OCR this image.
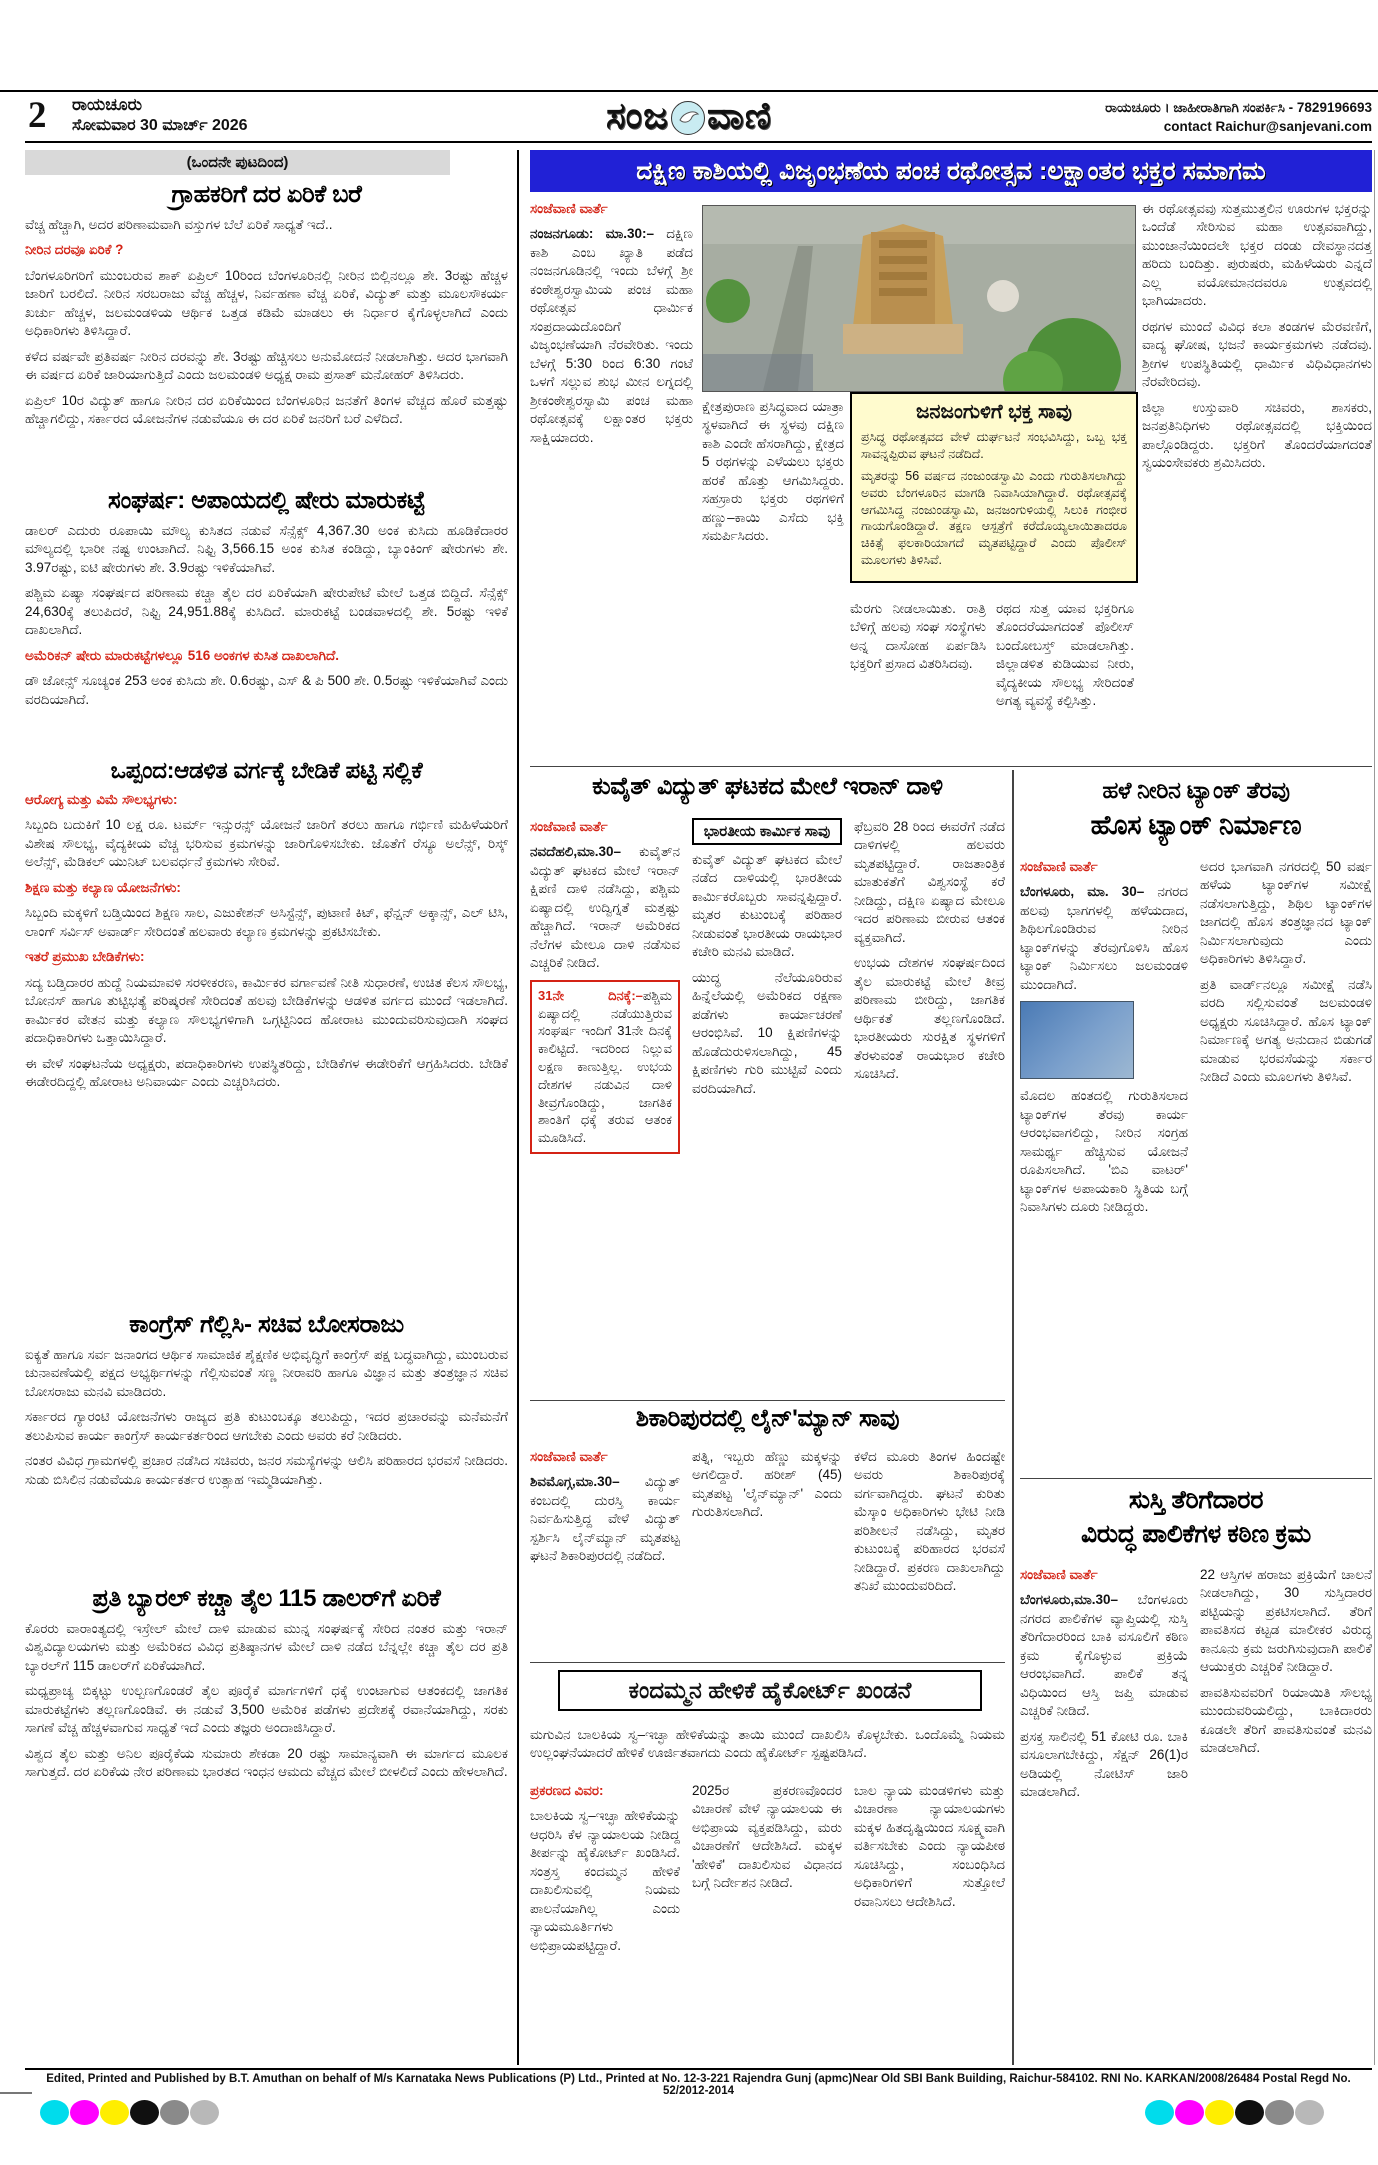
2 ರಾಯಚೂರು
ಸೋಮವಾರ 30 ಮಾರ್ಚ್ 2026	ಸಂಜ ವಾಣಿ	ರಾಯಚೂರು । ಜಾಹೀರಾತಿಗಾಗಿ ಸಂಪರ್ಕಿಸಿ - 7829196693
contact Raichur@sanjevani.com
(ಒಂದನೇ ಪುಟದಿಂದ)
ಗ್ರಾಹಕರಿಗೆ ದರ ಏರಿಕೆ ಬರೆ

ವೆಚ್ಚ ಹೆಚ್ಚಾಗಿ, ಅದರ ಪರಿಣಾಮವಾಗಿ ವಸ್ತುಗಳ ಬೆಲೆ ಏರಿಕೆ ಸಾಧ್ಯತೆ ಇದೆ..

ನೀರಿನ ದರವೂ ಏರಿಕೆ ?

ಬೆಂಗಳೂರಿಗರಿಗೆ ಮುಂಬರುವ ಶಾಕ್ ಏಪ್ರಿಲ್ 10ರಿಂದ ಬೆಂಗಳೂರಿನಲ್ಲಿ ನೀರಿನ ಬಿಲ್ಲಿನಲ್ಲೂ ಶೇ. 3ರಷ್ಟು ಹೆಚ್ಚಳ ಜಾರಿಗೆ ಬರಲಿದೆ. ನೀರಿನ ಸರಬರಾಜು ವೆಚ್ಚ ಹೆಚ್ಚಳ, ನಿರ್ವಹಣಾ ವೆಚ್ಚ ಏರಿಕೆ, ವಿದ್ಯುತ್ ಮತ್ತು ಮೂಲಸೌಕರ್ಯ ಖರ್ಚು ಹೆಚ್ಚಳ, ಜಲಮಂಡಳಿಯ ಆರ್ಥಿಕ ಒತ್ತಡ ಕಡಿಮೆ ಮಾಡಲು ಈ ನಿರ್ಧಾರ ಕೈಗೊಳ್ಳಲಾಗಿದೆ ಎಂದು ಅಧಿಕಾರಿಗಳು ತಿಳಿಸಿದ್ದಾರೆ.

ಕಳೆದ ವರ್ಷವೇ ಪ್ರತಿವರ್ಷ ನೀರಿನ ದರವನ್ನು ಶೇ. 3ರಷ್ಟು ಹೆಚ್ಚಿಸಲು ಅನುಮೋದನೆ ನೀಡಲಾಗಿತ್ತು. ಅದರ ಭಾಗವಾಗಿ ಈ ವರ್ಷದ ಏರಿಕೆ ಜಾರಿಯಾಗುತ್ತಿದೆ ಎಂದು ಜಲಮಂಡಳಿ ಅಧ್ಯಕ್ಷ ರಾಮ ಪ್ರಸಾತ್ ಮನೋಹರ್ ತಿಳಿಸಿದರು.

ಏಪ್ರಿಲ್ 10ರ ವಿದ್ಯುತ್ ಹಾಗೂ ನೀರಿನ ದರ ಏರಿಕೆಯಿಂದ ಬೆಂಗಳೂರಿನ ಜನತೆಗೆ ತಿಂಗಳ ವೆಚ್ಚದ ಹೊರೆ ಮತ್ತಷ್ಟು ಹೆಚ್ಚಾಗಲಿದ್ದು, ಸರ್ಕಾರದ ಯೋಜನೆಗಳ ನಡುವೆಯೂ ಈ ದರ ಏರಿಕೆ ಜನರಿಗೆ ಬರೆ ಎಳೆದಿದೆ.

ಸಂಘರ್ಷ: ಅಪಾಯದಲ್ಲಿ ಷೇರು ಮಾರುಕಟ್ಟೆ

ಡಾಲರ್ ಎದುರು ರೂಪಾಯಿ ಮೌಲ್ಯ ಕುಸಿತದ ನಡುವೆ ಸೆನ್ಸೆಕ್ಸ್ 4,367.30 ಅಂಕ ಕುಸಿದು ಹೂಡಿಕೆದಾರರ ಮೌಲ್ಯದಲ್ಲಿ ಭಾರೀ ನಷ್ಟ ಉಂಟಾಗಿದೆ. ನಿಫ್ಟಿ 3,566.15 ಅಂಕ ಕುಸಿತ ಕಂಡಿದ್ದು, ಬ್ಯಾಂಕಿಂಗ್ ಷೇರುಗಳು ಶೇ. 3.97ರಷ್ಟು, ಐಟಿ ಷೇರುಗಳು ಶೇ. 3.9ರಷ್ಟು ಇಳಿಕೆಯಾಗಿವೆ.

ಪಶ್ಚಿಮ ಏಷ್ಯಾ ಸಂಘರ್ಷದ ಪರಿಣಾಮ ಕಚ್ಚಾ ತೈಲ ದರ ಏರಿಕೆಯಾಗಿ ಷೇರುಪೇಟೆ ಮೇಲೆ ಒತ್ತಡ ಬಿದ್ದಿದೆ. ಸೆನ್ಸೆಕ್ಸ್ 24,630ಕ್ಕೆ ತಲುಪಿದರೆ, ನಿಫ್ಟಿ 24,951.88ಕ್ಕೆ ಕುಸಿದಿದೆ. ಮಾರುಕಟ್ಟೆ ಬಂಡವಾಳದಲ್ಲಿ ಶೇ. 5ರಷ್ಟು ಇಳಿಕೆ ದಾಖಲಾಗಿದೆ.

ಅಮೆರಿಕನ್ ಷೇರು ಮಾರುಕಟ್ಟೆಗಳಲ್ಲೂ 516 ಅಂಕಗಳ ಕುಸಿತ ದಾಖಲಾಗಿದೆ.

ಡೌ ಜೋನ್ಸ್ ಸೂಚ್ಯಂಕ 253 ಅಂಕ ಕುಸಿದು ಶೇ. 0.6ರಷ್ಟು, ಎಸ್ & ಪಿ 500 ಶೇ. 0.5ರಷ್ಟು ಇಳಿಕೆಯಾಗಿವೆ ಎಂದು ವರದಿಯಾಗಿದೆ.

ಒಪ್ಪಂದ:ಆಡಳಿತ ವರ್ಗಕ್ಕೆ ಬೇಡಿಕೆ ಪಟ್ಟಿ ಸಲ್ಲಿಕೆ

ಆರೋಗ್ಯ ಮತ್ತು ವಿಮೆ ಸೌಲಭ್ಯಗಳು:

ಸಿಬ್ಬಂದಿ ಬದುಕಿಗೆ 10 ಲಕ್ಷ ರೂ. ಟರ್ಮ್ ಇನ್ಸುರನ್ಸ್ ಯೋಜನೆ ಜಾರಿಗೆ ತರಲು ಹಾಗೂ ಗರ್ಭಿಣಿ ಮಹಿಳೆಯರಿಗೆ ವಿಶೇಷ ಸೌಲಭ್ಯ, ವೈದ್ಯಕೀಯ ವೆಚ್ಚ ಭರಿಸುವ ಕ್ರಮಗಳನ್ನು ಜಾರಿಗೊಳಿಸಬೇಕು. ಜೊತೆಗೆ ರೆಸ್ಯೂ ಅಲೆನ್ಸ್, ರಿಸ್ಕ್ ಅಲೆನ್ಸ್, ಮೆಡಿಕಲ್ ಯುನಿಟ್ ಬಲವರ್ಧನೆ ಕ್ರಮಗಳು ಸೇರಿವೆ.

ಶಿಕ್ಷಣ ಮತ್ತು ಕಲ್ಯಾಣ ಯೋಜನೆಗಳು:

ಸಿಬ್ಬಂದಿ ಮಕ್ಕಳಿಗೆ ಬಡ್ತಿಯಿಂದ ಶಿಕ್ಷಣ ಸಾಲ, ಎಜುಕೇಶನ್ ಅಸಿಸ್ಟೆನ್ಸ್, ಪುಟಾಣಿ ಕಿಟ್, ಫೆನ್ಷನ್ ಅಕ್ಕಾನ್ಸ್, ಎಲ್ ಟಿಸಿ, ಲಾಂಗ್ ಸರ್ವಿಸ್ ಅವಾರ್ಡ್ ಸೇರಿದಂತೆ ಹಲವಾರು ಕಲ್ಯಾಣ ಕ್ರಮಗಳನ್ನು ಪ್ರಕಟಿಸಬೇಕು.

ಇತರೆ ಪ್ರಮುಖ ಬೇಡಿಕೆಗಳು:

ಸದ್ಯ ಬಡ್ತಿದಾರರ ಹುದ್ದೆ ನಿಯಮಾವಳಿ ಸರಳೀಕರಣ, ಕಾರ್ಮಿಕರ ವರ್ಗಾವಣೆ ನೀತಿ ಸುಧಾರಣೆ, ಉಚಿತ ಕೆಲಸ ಸೌಲಭ್ಯ, ಬೋನಸ್ ಹಾಗೂ ತುಟ್ಟಿಭತ್ಯೆ ಪರಿಷ್ಕರಣೆ ಸೇರಿದಂತೆ ಹಲವು ಬೇಡಿಕೆಗಳನ್ನು ಆಡಳಿತ ವರ್ಗದ ಮುಂದೆ ಇಡಲಾಗಿದೆ. ಕಾರ್ಮಿಕರ ವೇತನ ಮತ್ತು ಕಲ್ಯಾಣ ಸೌಲಭ್ಯಗಳಿಗಾಗಿ ಒಗ್ಗಟ್ಟಿನಿಂದ ಹೋರಾಟ ಮುಂದುವರಿಸುವುದಾಗಿ ಸಂಘದ ಪದಾಧಿಕಾರಿಗಳು ಒತ್ತಾಯಿಸಿದ್ದಾರೆ.

ಈ ವೇಳೆ ಸಂಘಟನೆಯ ಅಧ್ಯಕ್ಷರು, ಪದಾಧಿಕಾರಿಗಳು ಉಪಸ್ಥಿತರಿದ್ದು, ಬೇಡಿಕೆಗಳ ಈಡೇರಿಕೆಗೆ ಆಗ್ರಹಿಸಿದರು. ಬೇಡಿಕೆ ಈಡೇರದಿದ್ದಲ್ಲಿ ಹೋರಾಟ ಅನಿವಾರ್ಯ ಎಂದು ಎಚ್ಚರಿಸಿದರು.

ಕಾಂಗ್ರೆಸ್ ಗೆಲ್ಲಿಸಿ- ಸಚಿವ ಬೋಸರಾಜು

ಐಕ್ಯತೆ ಹಾಗೂ ಸರ್ವ ಜನಾಂಗದ ಆರ್ಥಿಕ ಸಾಮಾಜಿಕ ಶೈಕ್ಷಣಿಕ ಅಭಿವೃದ್ಧಿಗೆ ಕಾಂಗ್ರೆಸ್ ಪಕ್ಷ ಬದ್ಧವಾಗಿದ್ದು, ಮುಂಬರುವ ಚುನಾವಣೆಯಲ್ಲಿ ಪಕ್ಷದ ಅಭ್ಯರ್ಥಿಗಳನ್ನು ಗೆಲ್ಲಿಸುವಂತೆ ಸಣ್ಣ ನೀರಾವರಿ ಹಾಗೂ ವಿಜ್ಞಾನ ಮತ್ತು ತಂತ್ರಜ್ಞಾನ ಸಚಿವ ಬೋಸರಾಜು ಮನವಿ ಮಾಡಿದರು.

ಸರ್ಕಾರದ ಗ್ಯಾರಂಟಿ ಯೋಜನೆಗಳು ರಾಜ್ಯದ ಪ್ರತಿ ಕುಟುಂಬಕ್ಕೂ ತಲುಪಿದ್ದು, ಇದರ ಪ್ರಚಾರವನ್ನು ಮನೆಮನೆಗೆ ತಲುಪಿಸುವ ಕಾರ್ಯ ಕಾಂಗ್ರೆಸ್ ಕಾರ್ಯಕರ್ತರಿಂದ ಆಗಬೇಕು ಎಂದು ಅವರು ಕರೆ ನೀಡಿದರು.

ನಂತರ ವಿವಿಧ ಗ್ರಾಮಗಳಲ್ಲಿ ಪ್ರಚಾರ ನಡೆಸಿದ ಸಚಿವರು, ಜನರ ಸಮಸ್ಯೆಗಳನ್ನು ಆಲಿಸಿ ಪರಿಹಾರದ ಭರವಸೆ ನೀಡಿದರು. ಸುಡು ಬಿಸಿಲಿನ ನಡುವೆಯೂ ಕಾರ್ಯಕರ್ತರ ಉತ್ಸಾಹ ಇಮ್ಮಡಿಯಾಗಿತ್ತು.

ಪ್ರತಿ ಬ್ಯಾರಲ್ ಕಚ್ಚಾ ತೈಲ 115 ಡಾಲರ್‌ಗೆ ಏರಿಕೆ

ಕೊರರು ವಾರಾಂತ್ಯದಲ್ಲಿ ಇಸ್ರೇಲ್ ಮೇಲೆ ದಾಳಿ ಮಾಡುವ ಮುನ್ನ ಸಂಘರ್ಷಕ್ಕೆ ಸೇರಿದ ನಂತರ ಮತ್ತು ಇರಾನ್ ವಿಶ್ವವಿದ್ಯಾಲಯಗಳು ಮತ್ತು ಅಮೆರಿಕದ ವಿವಿಧ ಪ್ರತಿಷ್ಠಾನಗಳ ಮೇಲೆ ದಾಳಿ ನಡೆದ ಬೆನ್ನಲ್ಲೇ ಕಚ್ಚಾ ತೈಲ ದರ ಪ್ರತಿ ಬ್ಯಾರಲ್‌ಗೆ 115 ಡಾಲರ್‌ಗೆ ಏರಿಕೆಯಾಗಿದೆ.

ಮಧ್ಯಪ್ರಾಚ್ಯ ಬಿಕ್ಕಟ್ಟು ಉಲ್ಬಣಗೊಂಡರೆ ತೈಲ ಪೂರೈಕೆ ಮಾರ್ಗಗಳಿಗೆ ಧಕ್ಕೆ ಉಂಟಾಗುವ ಆತಂಕದಲ್ಲಿ ಜಾಗತಿಕ ಮಾರುಕಟ್ಟೆಗಳು ತಲ್ಲಣಗೊಂಡಿವೆ. ಈ ನಡುವೆ 3,500 ಅಮೆರಿಕ ಪಡೆಗಳು ಪ್ರದೇಶಕ್ಕೆ ರವಾನೆಯಾಗಿದ್ದು, ಸರಕು ಸಾಗಣೆ ವೆಚ್ಚ ಹೆಚ್ಚಳವಾಗುವ ಸಾಧ್ಯತೆ ಇದೆ ಎಂದು ತಜ್ಞರು ಅಂದಾಜಿಸಿದ್ದಾರೆ.

ವಿಶ್ವದ ತೈಲ ಮತ್ತು ಅನಿಲ ಪೂರೈಕೆಯ ಸುಮಾರು ಶೇಕಡಾ 20 ರಷ್ಟು ಸಾಮಾನ್ಯವಾಗಿ ಈ ಮಾರ್ಗದ ಮೂಲಕ ಸಾಗುತ್ತದೆ. ದರ ಏರಿಕೆಯ ನೇರ ಪರಿಣಾಮ ಭಾರತದ ಇಂಧನ ಆಮದು ವೆಚ್ಚದ ಮೇಲೆ ಬೀಳಲಿದೆ ಎಂದು ಹೇಳಲಾಗಿದೆ.

ದಕ್ಷಿಣ ಕಾಶಿಯಲ್ಲಿ ವಿಜೃಂಭಣೆಯ ಪಂಚ ರಥೋತ್ಸವ :ಲಕ್ಷಾಂತರ ಭಕ್ತರ ಸಮಾಗಮ

ಸಂಜೆವಾಣಿ ವಾರ್ತೆ

ನಂಜನಗೂಡು: ಮಾ.30:– ದಕ್ಷಿಣ ಕಾಶಿ ಎಂಬ ಖ್ಯಾತಿ ಪಡೆದ ನಂಜನಗೂಡಿನಲ್ಲಿ ಇಂದು ಬೆಳಗ್ಗೆ ಶ್ರೀ ಕಂಠೇಶ್ವರಸ್ವಾಮಿಯ ಪಂಚ ಮಹಾ ರಥೋತ್ಸವ ಧಾರ್ಮಿಕ ಸಂಪ್ರದಾಯದೊಂದಿಗೆ ವಿಜೃಂಭಣೆಯಾಗಿ ನೆರವೇರಿತು. ಇಂದು ಬೆಳಗ್ಗೆ 5:30 ರಿಂದ 6:30 ಗಂಟೆ ಒಳಗೆ ಸಲ್ಲುವ ಶುಭ ಮೀನ ಲಗ್ನದಲ್ಲಿ ಶ್ರೀಕಂಠೇಶ್ವರಸ್ವಾಮಿ ಪಂಚ ಮಹಾ ರಥೋತ್ಸವಕ್ಕೆ ಲಕ್ಷಾಂತರ ಭಕ್ತರು ಸಾಕ್ಷಿಯಾದರು.

ಕ್ಷೇತ್ರಪುರಾಣ ಪ್ರಸಿದ್ಧವಾದ ಯಾತ್ರಾ ಸ್ಥಳವಾಗಿದೆ ಈ ಸ್ಥಳವು ದಕ್ಷಿಣ ಕಾಶಿ ಎಂದೇ ಹೆಸರಾಗಿದ್ದು, ಕ್ಷೇತ್ರದ 5 ರಥಗಳನ್ನು ಎಳೆಯಲು ಭಕ್ತರು ಹರಕೆ ಹೊತ್ತು ಆಗಮಿಸಿದ್ದರು. ಸಹಸ್ರಾರು ಭಕ್ತರು ರಥಗಳಿಗೆ ಹಣ್ಣು–ಕಾಯಿ ಎಸೆದು ಭಕ್ತಿ ಸಮರ್ಪಿಸಿದರು.

ಜನಜಂಗುಳಿಗೆ ಭಕ್ತ ಸಾವು

ಪ್ರಸಿದ್ಧ ರಥೋತ್ಸವದ ವೇಳೆ ದುರ್ಘಟನೆ ಸಂಭವಿಸಿದ್ದು, ಒಬ್ಬ ಭಕ್ತ ಸಾವನ್ನಪ್ಪಿರುವ ಘಟನೆ ನಡೆದಿದೆ.

ಮೃತರನ್ನು 56 ವರ್ಷದ ನಂಜುಂಡಸ್ವಾಮಿ ಎಂದು ಗುರುತಿಸಲಾಗಿದ್ದು ಅವರು ಬೆಂಗಳೂರಿನ ಮಾಗಡಿ ನಿವಾಸಿಯಾಗಿದ್ದಾರೆ. ರಥೋತ್ಸವಕ್ಕೆ ಆಗಮಿಸಿದ್ದ ನಂಜುಂಡಸ್ವಾಮಿ, ಜನಜಂಗುಳಿಯಲ್ಲಿ ಸಿಲುಕಿ ಗಂಭೀರ ಗಾಯಗೊಂಡಿದ್ದಾರೆ. ತಕ್ಷಣ ಆಸ್ಪತ್ರೆಗೆ ಕರೆದೊಯ್ಯಲಾಯಿತಾದರೂ ಚಿಕಿತ್ಸೆ ಫಲಕಾರಿಯಾಗದೆ ಮೃತಪಟ್ಟಿದ್ದಾರೆ ಎಂದು ಪೊಲೀಸ್ ಮೂಲಗಳು ತಿಳಿಸಿವೆ.

ಮೆರಗು ನೀಡಲಾಯಿತು. ರಾತ್ರಿ ಬೆಳಿಗ್ಗೆ ಹಲವು ಸಂಘ ಸಂಸ್ಥೆಗಳು ಅನ್ನ ದಾಸೋಹ ಏರ್ಪಡಿಸಿ ಭಕ್ತರಿಗೆ ಪ್ರಸಾದ ವಿತರಿಸಿದವು.

ರಥದ ಸುತ್ತ ಯಾವ ಭಕ್ತರಿಗೂ ತೊಂದರೆಯಾಗದಂತೆ ಪೊಲೀಸ್ ಬಂದೋಬಸ್ತ್ ಮಾಡಲಾಗಿತ್ತು. ಜಿಲ್ಲಾಡಳಿತ ಕುಡಿಯುವ ನೀರು, ವೈದ್ಯಕೀಯ ಸೌಲಭ್ಯ ಸೇರಿದಂತೆ ಅಗತ್ಯ ವ್ಯವಸ್ಥೆ ಕಲ್ಪಿಸಿತ್ತು.

ಈ ರಥೋತ್ಸವವು ಸುತ್ತಮುತ್ತಲಿನ ಊರುಗಳ ಭಕ್ತರನ್ನು ಒಂದೆಡೆ ಸೇರಿಸುವ ಮಹಾ ಉತ್ಸವವಾಗಿದ್ದು, ಮುಂಜಾನೆಯಿಂದಲೇ ಭಕ್ತರ ದಂಡು ದೇವಸ್ಥಾನದತ್ತ ಹರಿದು ಬಂದಿತ್ತು. ಪುರುಷರು, ಮಹಿಳೆಯರು ಎನ್ನದೆ ಎಲ್ಲ ವಯೋಮಾನದವರೂ ಉತ್ಸವದಲ್ಲಿ ಭಾಗಿಯಾದರು.

ರಥಗಳ ಮುಂದೆ ವಿವಿಧ ಕಲಾ ತಂಡಗಳ ಮೆರವಣಿಗೆ, ವಾದ್ಯ ಘೋಷ, ಭಜನೆ ಕಾರ್ಯಕ್ರಮಗಳು ನಡೆದವು. ಶ್ರೀಗಳ ಉಪಸ್ಥಿತಿಯಲ್ಲಿ ಧಾರ್ಮಿಕ ವಿಧಿವಿಧಾನಗಳು ನೆರವೇರಿದವು.

ಜಿಲ್ಲಾ ಉಸ್ತುವಾರಿ ಸಚಿವರು, ಶಾಸಕರು, ಜನಪ್ರತಿನಿಧಿಗಳು ರಥೋತ್ಸವದಲ್ಲಿ ಭಕ್ತಿಯಿಂದ ಪಾಲ್ಗೊಂಡಿದ್ದರು. ಭಕ್ತರಿಗೆ ತೊಂದರೆಯಾಗದಂತೆ ಸ್ವಯಂಸೇವಕರು ಶ್ರಮಿಸಿದರು.

ಕುವೈತ್ ವಿದ್ಯುತ್ ಘಟಕದ ಮೇಲೆ ಇರಾನ್ ದಾಳಿ

ಸಂಜೆವಾಣಿ ವಾರ್ತೆ

ನವದೆಹಲಿ,ಮಾ.30– ಕುವೈತ್‌ನ ವಿದ್ಯುತ್ ಘಟಕದ ಮೇಲೆ ಇರಾನ್ ಕ್ಷಿಪಣಿ ದಾಳಿ ನಡೆಸಿದ್ದು, ಪಶ್ಚಿಮ ಏಷ್ಯಾದಲ್ಲಿ ಉದ್ವಿಗ್ನತೆ ಮತ್ತಷ್ಟು ಹೆಚ್ಚಾಗಿದೆ. ಇರಾನ್ ಅಮೆರಿಕದ ನೆಲೆಗಳ ಮೇಲೂ ದಾಳಿ ನಡೆಸುವ ಎಚ್ಚರಿಕೆ ನೀಡಿದೆ.

31ನೇ ದಿನಕ್ಕೆ:–ಪಶ್ಚಿಮ ಏಷ್ಯಾದಲ್ಲಿ ನಡೆಯುತ್ತಿರುವ ಸಂಘರ್ಷ ಇಂದಿಗೆ 31ನೇ ದಿನಕ್ಕೆ ಕಾಲಿಟ್ಟಿದೆ. ಇದರಿಂದ ನಿಲ್ಲುವ ಲಕ್ಷಣ ಕಾಣುತ್ತಿಲ್ಲ. ಉಭಯ ದೇಶಗಳ ನಡುವಿನ ದಾಳಿ ತೀವ್ರಗೊಂಡಿದ್ದು, ಜಾಗತಿಕ ಶಾಂತಿಗೆ ಧಕ್ಕೆ ತರುವ ಆತಂಕ ಮೂಡಿಸಿದೆ.

ಭಾರತೀಯ ಕಾರ್ಮಿಕ ಸಾವು

ಕುವೈತ್ ವಿದ್ಯುತ್ ಘಟಕದ ಮೇಲೆ ನಡೆದ ದಾಳಿಯಲ್ಲಿ ಭಾರತೀಯ ಕಾರ್ಮಿಕರೊಬ್ಬರು ಸಾವನ್ನಪ್ಪಿದ್ದಾರೆ. ಮೃತರ ಕುಟುಂಬಕ್ಕೆ ಪರಿಹಾರ ನೀಡುವಂತೆ ಭಾರತೀಯ ರಾಯಭಾರ ಕಚೇರಿ ಮನವಿ ಮಾಡಿದೆ.

ಯುದ್ಧ ನೆಲೆಯೂರಿರುವ ಹಿನ್ನೆಲೆಯಲ್ಲಿ ಅಮೆರಿಕದ ರಕ್ಷಣಾ ಪಡೆಗಳು ಕಾರ್ಯಾಚರಣೆ ಆರಂಭಿಸಿವೆ. 10 ಕ್ಷಿಪಣಿಗಳನ್ನು ಹೊಡೆದುರುಳಿಸಲಾಗಿದ್ದು, 45 ಕ್ಷಿಪಣಿಗಳು ಗುರಿ ಮುಟ್ಟಿವೆ ಎಂದು ವರದಿಯಾಗಿದೆ.

ಫೆಬ್ರವರಿ 28 ರಿಂದ ಈವರೆಗೆ ನಡೆದ ದಾಳಿಗಳಲ್ಲಿ ಹಲವರು ಮೃತಪಟ್ಟಿದ್ದಾರೆ. ರಾಜತಾಂತ್ರಿಕ ಮಾತುಕತೆಗೆ ವಿಶ್ವಸಂಸ್ಥೆ ಕರೆ ನೀಡಿದ್ದು, ದಕ್ಷಿಣ ಏಷ್ಯಾದ ಮೇಲೂ ಇದರ ಪರಿಣಾಮ ಬೀರುವ ಆತಂಕ ವ್ಯಕ್ತವಾಗಿದೆ.

ಉಭಯ ದೇಶಗಳ ಸಂಘರ್ಷದಿಂದ ತೈಲ ಮಾರುಕಟ್ಟೆ ಮೇಲೆ ತೀವ್ರ ಪರಿಣಾಮ ಬೀರಿದ್ದು, ಜಾಗತಿಕ ಆರ್ಥಿಕತೆ ತಲ್ಲಣಗೊಂಡಿದೆ. ಭಾರತೀಯರು ಸುರಕ್ಷಿತ ಸ್ಥಳಗಳಿಗೆ ತೆರಳುವಂತೆ ರಾಯಭಾರ ಕಚೇರಿ ಸೂಚಿಸಿದೆ.

ಶಿಕಾರಿಪುರದಲ್ಲಿ ಲೈನ್‌'ಮ್ಯಾನ್ ಸಾವು

ಸಂಜೆವಾಣಿ ವಾರ್ತೆ

ಶಿವಮೊಗ್ಗ,ಮಾ.30– ವಿದ್ಯುತ್ ಕಂಬದಲ್ಲಿ ದುರಸ್ತಿ ಕಾರ್ಯ ನಿರ್ವಹಿಸುತ್ತಿದ್ದ ವೇಳೆ ವಿದ್ಯುತ್ ಸ್ಪರ್ಶಿಸಿ ಲೈನ್‌ಮ್ಯಾನ್ ಮೃತಪಟ್ಟ ಘಟನೆ ಶಿಕಾರಿಪುರದಲ್ಲಿ ನಡೆದಿದೆ.

ಪತ್ನಿ, ಇಬ್ಬರು ಹೆಣ್ಣು ಮಕ್ಕಳನ್ನು ಅಗಲಿದ್ದಾರೆ. ಹರೀಶ್ (45) ಮೃತಪಟ್ಟ 'ಲೈನ್‌ಮ್ಯಾನ್' ಎಂದು ಗುರುತಿಸಲಾಗಿದೆ.

ಕಳೆದ ಮೂರು ತಿಂಗಳ ಹಿಂದಷ್ಟೇ ಅವರು ಶಿಕಾರಿಪುರಕ್ಕೆ ವರ್ಗವಾಗಿದ್ದರು. ಘಟನೆ ಕುರಿತು ಮೆಸ್ಕಾಂ ಅಧಿಕಾರಿಗಳು ಭೇಟಿ ನೀಡಿ ಪರಿಶೀಲನೆ ನಡೆಸಿದ್ದು, ಮೃತರ ಕುಟುಂಬಕ್ಕೆ ಪರಿಹಾರದ ಭರವಸೆ ನೀಡಿದ್ದಾರೆ. ಪ್ರಕರಣ ದಾಖಲಾಗಿದ್ದು ತನಿಖೆ ಮುಂದುವರಿದಿದೆ.

ಕಂದಮ್ಮನ ಹೇಳಿಕೆ ಹೈಕೋರ್ಟ್ ಖಂಡನೆ

ಮಗುವಿನ ಬಾಲಕಿಯ ಸ್ವ–ಇಚ್ಛಾ ಹೇಳಿಕೆಯನ್ನು ತಾಯಿ ಮುಂದೆ ದಾಖಲಿಸಿ ಕೊಳ್ಳಬೇಕು. ಒಂದೊಮ್ಮೆ ನಿಯಮ ಉಲ್ಲಂಘನೆಯಾದರೆ ಹೇಳಿಕೆ ಊರ್ಜಿತವಾಗದು ಎಂದು ಹೈಕೋರ್ಟ್ ಸ್ಪಷ್ಟಪಡಿಸಿದೆ.

ಪ್ರಕರಣದ ವಿವರ:

ಬಾಲಕಿಯ ಸ್ವ–ಇಚ್ಛಾ ಹೇಳಿಕೆಯನ್ನು ಆಧರಿಸಿ ಕೆಳ ನ್ಯಾಯಾಲಯ ನೀಡಿದ್ದ ತೀರ್ಪನ್ನು ಹೈಕೋರ್ಟ್ ಖಂಡಿಸಿದೆ. ಸಂತ್ರಸ್ತ ಕಂದಮ್ಮನ ಹೇಳಿಕೆ ದಾಖಲಿಸುವಲ್ಲಿ ನಿಯಮ ಪಾಲನೆಯಾಗಿಲ್ಲ ಎಂದು ನ್ಯಾಯಮೂರ್ತಿಗಳು ಅಭಿಪ್ರಾಯಪಟ್ಟಿದ್ದಾರೆ.

2025ರ ಪ್ರಕರಣವೊಂದರ ವಿಚಾರಣೆ ವೇಳೆ ನ್ಯಾಯಾಲಯ ಈ ಅಭಿಪ್ರಾಯ ವ್ಯಕ್ತಪಡಿಸಿದ್ದು, ಮರು ವಿಚಾರಣೆಗೆ ಆದೇಶಿಸಿದೆ. ಮಕ್ಕಳ 'ಹೇಳಿಕೆ' ದಾಖಲಿಸುವ ವಿಧಾನದ ಬಗ್ಗೆ ನಿರ್ದೇಶನ ನೀಡಿದೆ.

ಬಾಲ ನ್ಯಾಯ ಮಂಡಳಿಗಳು ಮತ್ತು ವಿಚಾರಣಾ ನ್ಯಾಯಾಲಯಗಳು ಮಕ್ಕಳ ಹಿತದೃಷ್ಟಿಯಿಂದ ಸೂಕ್ಷ್ಮವಾಗಿ ವರ್ತಿಸಬೇಕು ಎಂದು ನ್ಯಾಯಪೀಠ ಸೂಚಿಸಿದ್ದು, ಸಂಬಂಧಿಸಿದ ಅಧಿಕಾರಿಗಳಿಗೆ ಸುತ್ತೋಲೆ ರವಾನಿಸಲು ಆದೇಶಿಸಿದೆ.

ಹಳೆ ನೀರಿನ ಟ್ಯಾಂಕ್ ತೆರವು
ಹೊಸ ಟ್ಯಾಂಕ್ ನಿರ್ಮಾಣ

ಸಂಜೆವಾಣಿ ವಾರ್ತೆ

ಬೆಂಗಳೂರು, ಮಾ. 30– ನಗರದ ಹಲವು ಭಾಗಗಳಲ್ಲಿ ಹಳೆಯದಾದ, ಶಿಥಿಲಗೊಂಡಿರುವ ನೀರಿನ ಟ್ಯಾಂಕ್‌ಗಳನ್ನು ತೆರವುಗೊಳಿಸಿ ಹೊಸ ಟ್ಯಾಂಕ್ ನಿರ್ಮಿಸಲು ಜಲಮಂಡಳಿ ಮುಂದಾಗಿದೆ.

ಮೊದಲ ಹಂತದಲ್ಲಿ ಗುರುತಿಸಲಾದ ಟ್ಯಾಂಕ್‌ಗಳ ತೆರವು ಕಾರ್ಯ ಆರಂಭವಾಗಲಿದ್ದು, ನೀರಿನ ಸಂಗ್ರಹ ಸಾಮರ್ಥ್ಯ ಹೆಚ್ಚಿಸುವ ಯೋಜನೆ ರೂಪಿಸಲಾಗಿದೆ. 'ಬಿಎ ವಾಟರ್' ಟ್ಯಾಂಕ್‌ಗಳ ಅಪಾಯಕಾರಿ ಸ್ಥಿತಿಯ ಬಗ್ಗೆ ನಿವಾಸಿಗಳು ದೂರು ನೀಡಿದ್ದರು.

ಅದರ ಭಾಗವಾಗಿ ನಗರದಲ್ಲಿ 50 ವರ್ಷ ಹಳೆಯ ಟ್ಯಾಂಕ್‌ಗಳ ಸಮೀಕ್ಷೆ ನಡೆಸಲಾಗುತ್ತಿದ್ದು, ಶಿಥಿಲ ಟ್ಯಾಂಕ್‌ಗಳ ಜಾಗದಲ್ಲಿ ಹೊಸ ತಂತ್ರಜ್ಞಾನದ ಟ್ಯಾಂಕ್ ನಿರ್ಮಿಸಲಾಗುವುದು ಎಂದು ಅಧಿಕಾರಿಗಳು ತಿಳಿಸಿದ್ದಾರೆ.

ಪ್ರತಿ ವಾರ್ಡ್‌ನಲ್ಲೂ ಸಮೀಕ್ಷೆ ನಡೆಸಿ ವರದಿ ಸಲ್ಲಿಸುವಂತೆ ಜಲಮಂಡಳಿ ಅಧ್ಯಕ್ಷರು ಸೂಚಿಸಿದ್ದಾರೆ. ಹೊಸ ಟ್ಯಾಂಕ್ ನಿರ್ಮಾಣಕ್ಕೆ ಅಗತ್ಯ ಅನುದಾನ ಬಿಡುಗಡೆ ಮಾಡುವ ಭರವಸೆಯನ್ನು ಸರ್ಕಾರ ನೀಡಿದೆ ಎಂದು ಮೂಲಗಳು ತಿಳಿಸಿವೆ.

ಸುಸ್ತಿ ತೆರಿಗೆದಾರರ
ವಿರುದ್ಧ ಪಾಲಿಕೆಗಳ ಕಠಿಣ ಕ್ರಮ

ಸಂಜೆವಾಣಿ ವಾರ್ತೆ

ಬೆಂಗಳೂರು,ಮಾ.30– ಬೆಂಗಳೂರು ನಗರದ ಪಾಲಿಕೆಗಳ ವ್ಯಾಪ್ತಿಯಲ್ಲಿ ಸುಸ್ತಿ ತೆರಿಗೆದಾರರಿಂದ ಬಾಕಿ ವಸೂಲಿಗೆ ಕಠಿಣ ಕ್ರಮ ಕೈಗೊಳ್ಳುವ ಪ್ರಕ್ರಿಯೆ ಆರಂಭವಾಗಿದೆ. ಪಾಲಿಕೆ ತನ್ನ ವಿಧಿಯಿಂದ ಆಸ್ತಿ ಜಪ್ತಿ ಮಾಡುವ ಎಚ್ಚರಿಕೆ ನೀಡಿದೆ.

ಪ್ರಸಕ್ತ ಸಾಲಿನಲ್ಲಿ 51 ಕೋಟಿ ರೂ. ಬಾಕಿ ವಸೂಲಾಗಬೇಕಿದ್ದು, ಸೆಕ್ಷನ್ 26(1)ರ ಅಡಿಯಲ್ಲಿ ನೋಟಿಸ್ ಜಾರಿ ಮಾಡಲಾಗಿದೆ.

22 ಆಸ್ತಿಗಳ ಹರಾಜು ಪ್ರಕ್ರಿಯೆಗೆ ಚಾಲನೆ ನೀಡಲಾಗಿದ್ದು, 30 ಸುಸ್ತಿದಾರರ ಪಟ್ಟಿಯನ್ನು ಪ್ರಕಟಿಸಲಾಗಿದೆ. ತೆರಿಗೆ ಪಾವತಿಸದ ಕಟ್ಟಡ ಮಾಲೀಕರ ವಿರುದ್ಧ ಕಾನೂನು ಕ್ರಮ ಜರುಗಿಸುವುದಾಗಿ ಪಾಲಿಕೆ ಆಯುಕ್ತರು ಎಚ್ಚರಿಕೆ ನೀಡಿದ್ದಾರೆ.

ಪಾವತಿಸುವವರಿಗೆ ರಿಯಾಯಿತಿ ಸೌಲಭ್ಯ ಮುಂದುವರಿಯಲಿದ್ದು, ಬಾಕಿದಾರರು ಕೂಡಲೇ ತೆರಿಗೆ ಪಾವತಿಸುವಂತೆ ಮನವಿ ಮಾಡಲಾಗಿದೆ.

Edited, Printed and Published by B.T. Amuthan on behalf of M/s Karnataka News Publications (P) Ltd., Printed at No. 12-3-221 Rajendra Gunj (apmc)Near Old SBI Bank Building, Raichur-584102. RNI No. KARKAN/2008/26484 Postal Regd No. 52/2012-2014
